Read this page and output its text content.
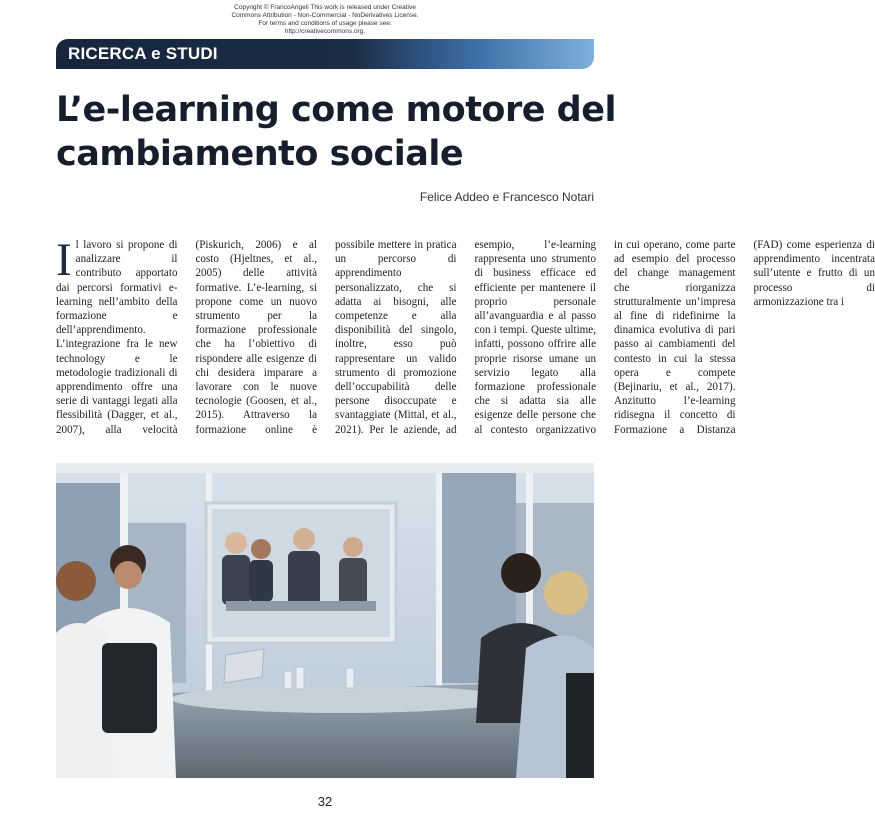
Copyright © FrancoAngeli This work is released under Creative
Commons Attribution - Non-Commercial - NoDerivatives License.
For terms and conditions of usage please see:
http://creativecommons.org.
RICERCA e STUDI
L’e-learning come motore del cambiamento sociale
Felice Addeo e Francesco Notari
Il lavoro si propone di analizzare il contributo apportato dai percorsi formativi e-learning nell’ambito della formazione e dell’apprendimento. L’integrazione fra le new technology e le metodologie tradizionali di apprendimento offre una serie di vantaggi legati alla flessibilità (Dagger, et al., 2007), alla velocità (Piskurich, 2006) e al costo (Hjeltnes, et al., 2005) delle attività formative. L’e-learning, si propone come un nuovo strumento per la formazione professionale che ha l’obiettivo di rispondere alle esigenze di chi desidera imparare a lavorare con le nuove tecnologie (Goosen, et al., 2015). Attraverso la formazione online è possibile mettere in pratica un percorso di apprendimento personalizzato, che si adatta ai bisogni, alle competenze e alla disponibilità del singolo, inoltre, esso può rappresentare un valido strumento di promozione dell’occupabilità delle persone disoccupate e svantaggiate (Mittal, et al., 2021). Per le aziende, ad esempio, l’e-learning rappresenta uno strumento di business efficace ed efficiente per mantenere il proprio personale all’avanguardia e al passo con i tempi. Queste ultime, infatti, possono offrire alle proprie risorse umane un servizio legato alla formazione professionale che si adatta sia alle esigenze delle persone che al contesto organizzativo in cui operano, come parte ad esempio del processo del change management che riorganizza strutturalmente un’impresa al fine di ridefinirne la dinamica evolutiva di pari passo ai cambiamenti del contesto in cui la stessa opera e compete (Bejinariu, et al., 2017). Anzitutto l’e-learning ridisegna il concetto di Formazione a Distanza (FAD) come esperienza di apprendimento incentrata sull’utente e frutto di un processo di armonizzazione tra i
32
